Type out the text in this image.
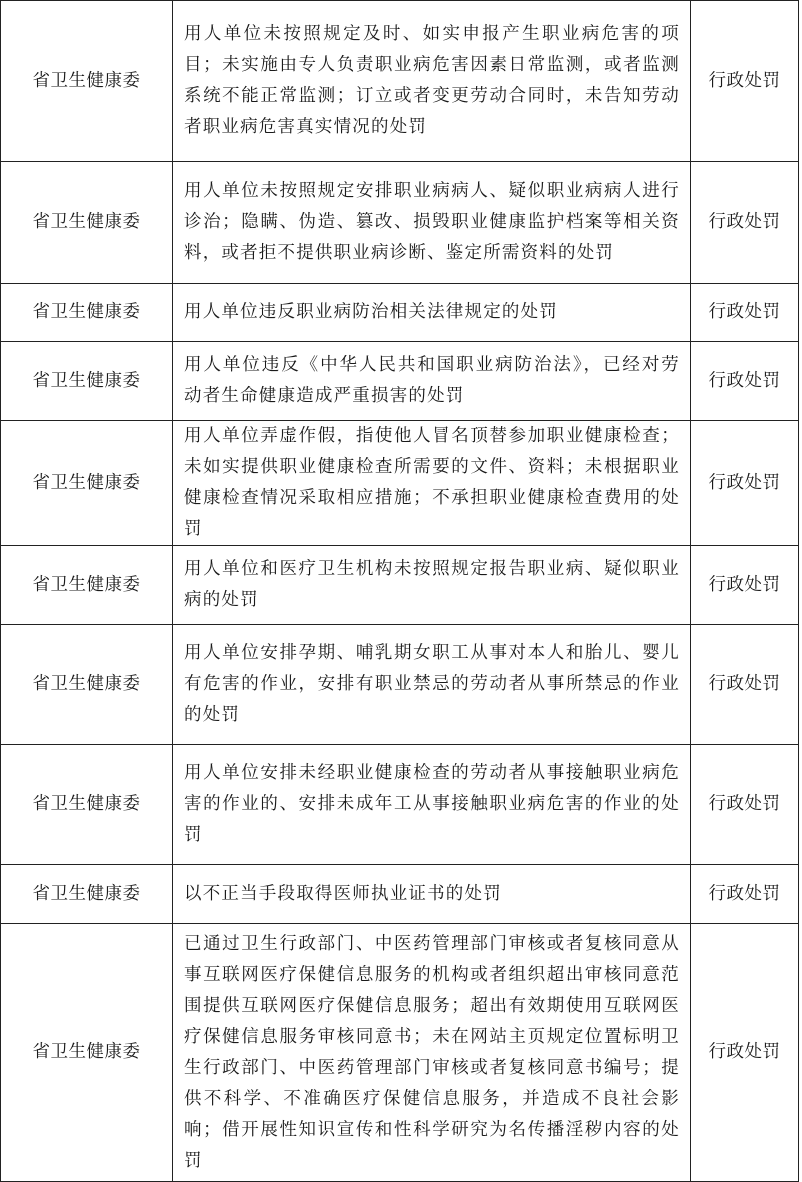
省卫生健康委	用人单位未按照规定及时、如实申报产生职业病危害的项目；未实施由专人负责职业病危害因素日常监测，或者监测系统不能正常监测；订立或者变更劳动合同时，未告知劳动者职业病危害真实情况的处罚	行政处罚
省卫生健康委	用人单位未按照规定安排职业病病人、疑似职业病病人进行诊治；隐瞒、伪造、篡改、损毁职业健康监护档案等相关资料，或者拒不提供职业病诊断、鉴定所需资料的处罚	行政处罚
省卫生健康委	用人单位违反职业病防治相关法律规定的处罚	行政处罚
省卫生健康委	用人单位违反《中华人民共和国职业病防治法》，已经对劳动者生命健康造成严重损害的处罚	行政处罚
省卫生健康委	用人单位弄虚作假，指使他人冒名顶替参加职业健康检查；未如实提供职业健康检查所需要的文件、资料；未根据职业健康检查情况采取相应措施；不承担职业健康检查费用的处罚	行政处罚
省卫生健康委	用人单位和医疗卫生机构未按照规定报告职业病、疑似职业病的处罚	行政处罚
省卫生健康委	用人单位安排孕期、哺乳期女职工从事对本人和胎儿、婴儿有危害的作业，安排有职业禁忌的劳动者从事所禁忌的作业的处罚	行政处罚
省卫生健康委	用人单位安排未经职业健康检查的劳动者从事接触职业病危害的作业的、安排未成年工从事接触职业病危害的作业的处罚	行政处罚
省卫生健康委	以不正当手段取得医师执业证书的处罚	行政处罚
省卫生健康委	已通过卫生行政部门、中医药管理部门审核或者复核同意从事互联网医疗保健信息服务的机构或者组织超出审核同意范围提供互联网医疗保健信息服务；超出有效期使用互联网医疗保健信息服务审核同意书；未在网站主页规定位置标明卫生行政部门、中医药管理部门审核或者复核同意书编号；提供不科学、不准确医疗保健信息服务，并造成不良社会影响；借开展性知识宣传和性科学研究为名传播淫秽内容的处罚	行政处罚
